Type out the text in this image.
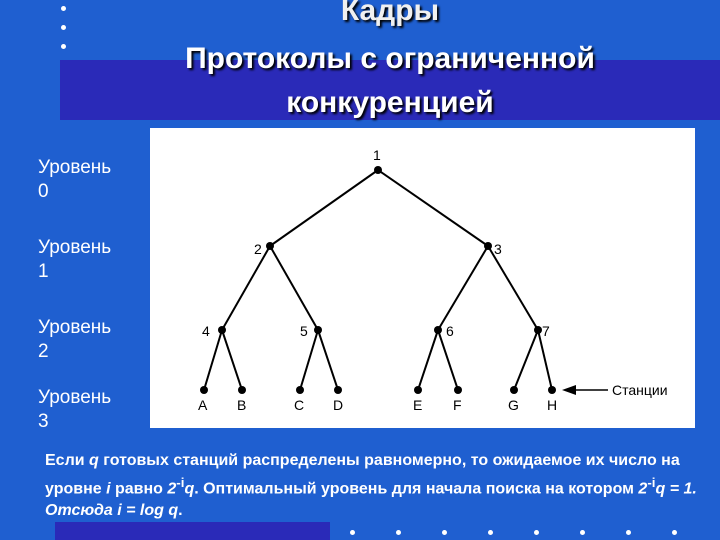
Кадры
Протоколы с ограниченной
конкуренцией
Уровень
0
Уровень
1
Уровень
2
Уровень
3
1
2	3
4	5	6	7
A B	C D	E F	G H
Станции
Если q готовых станций распределены равномерно, то ожидаемое их число на уровне i равно $2^{-i}q$. Оптимальный уровень для начала поиска на котором $2^{-i}q = 1$. Отсюда i = log q.
